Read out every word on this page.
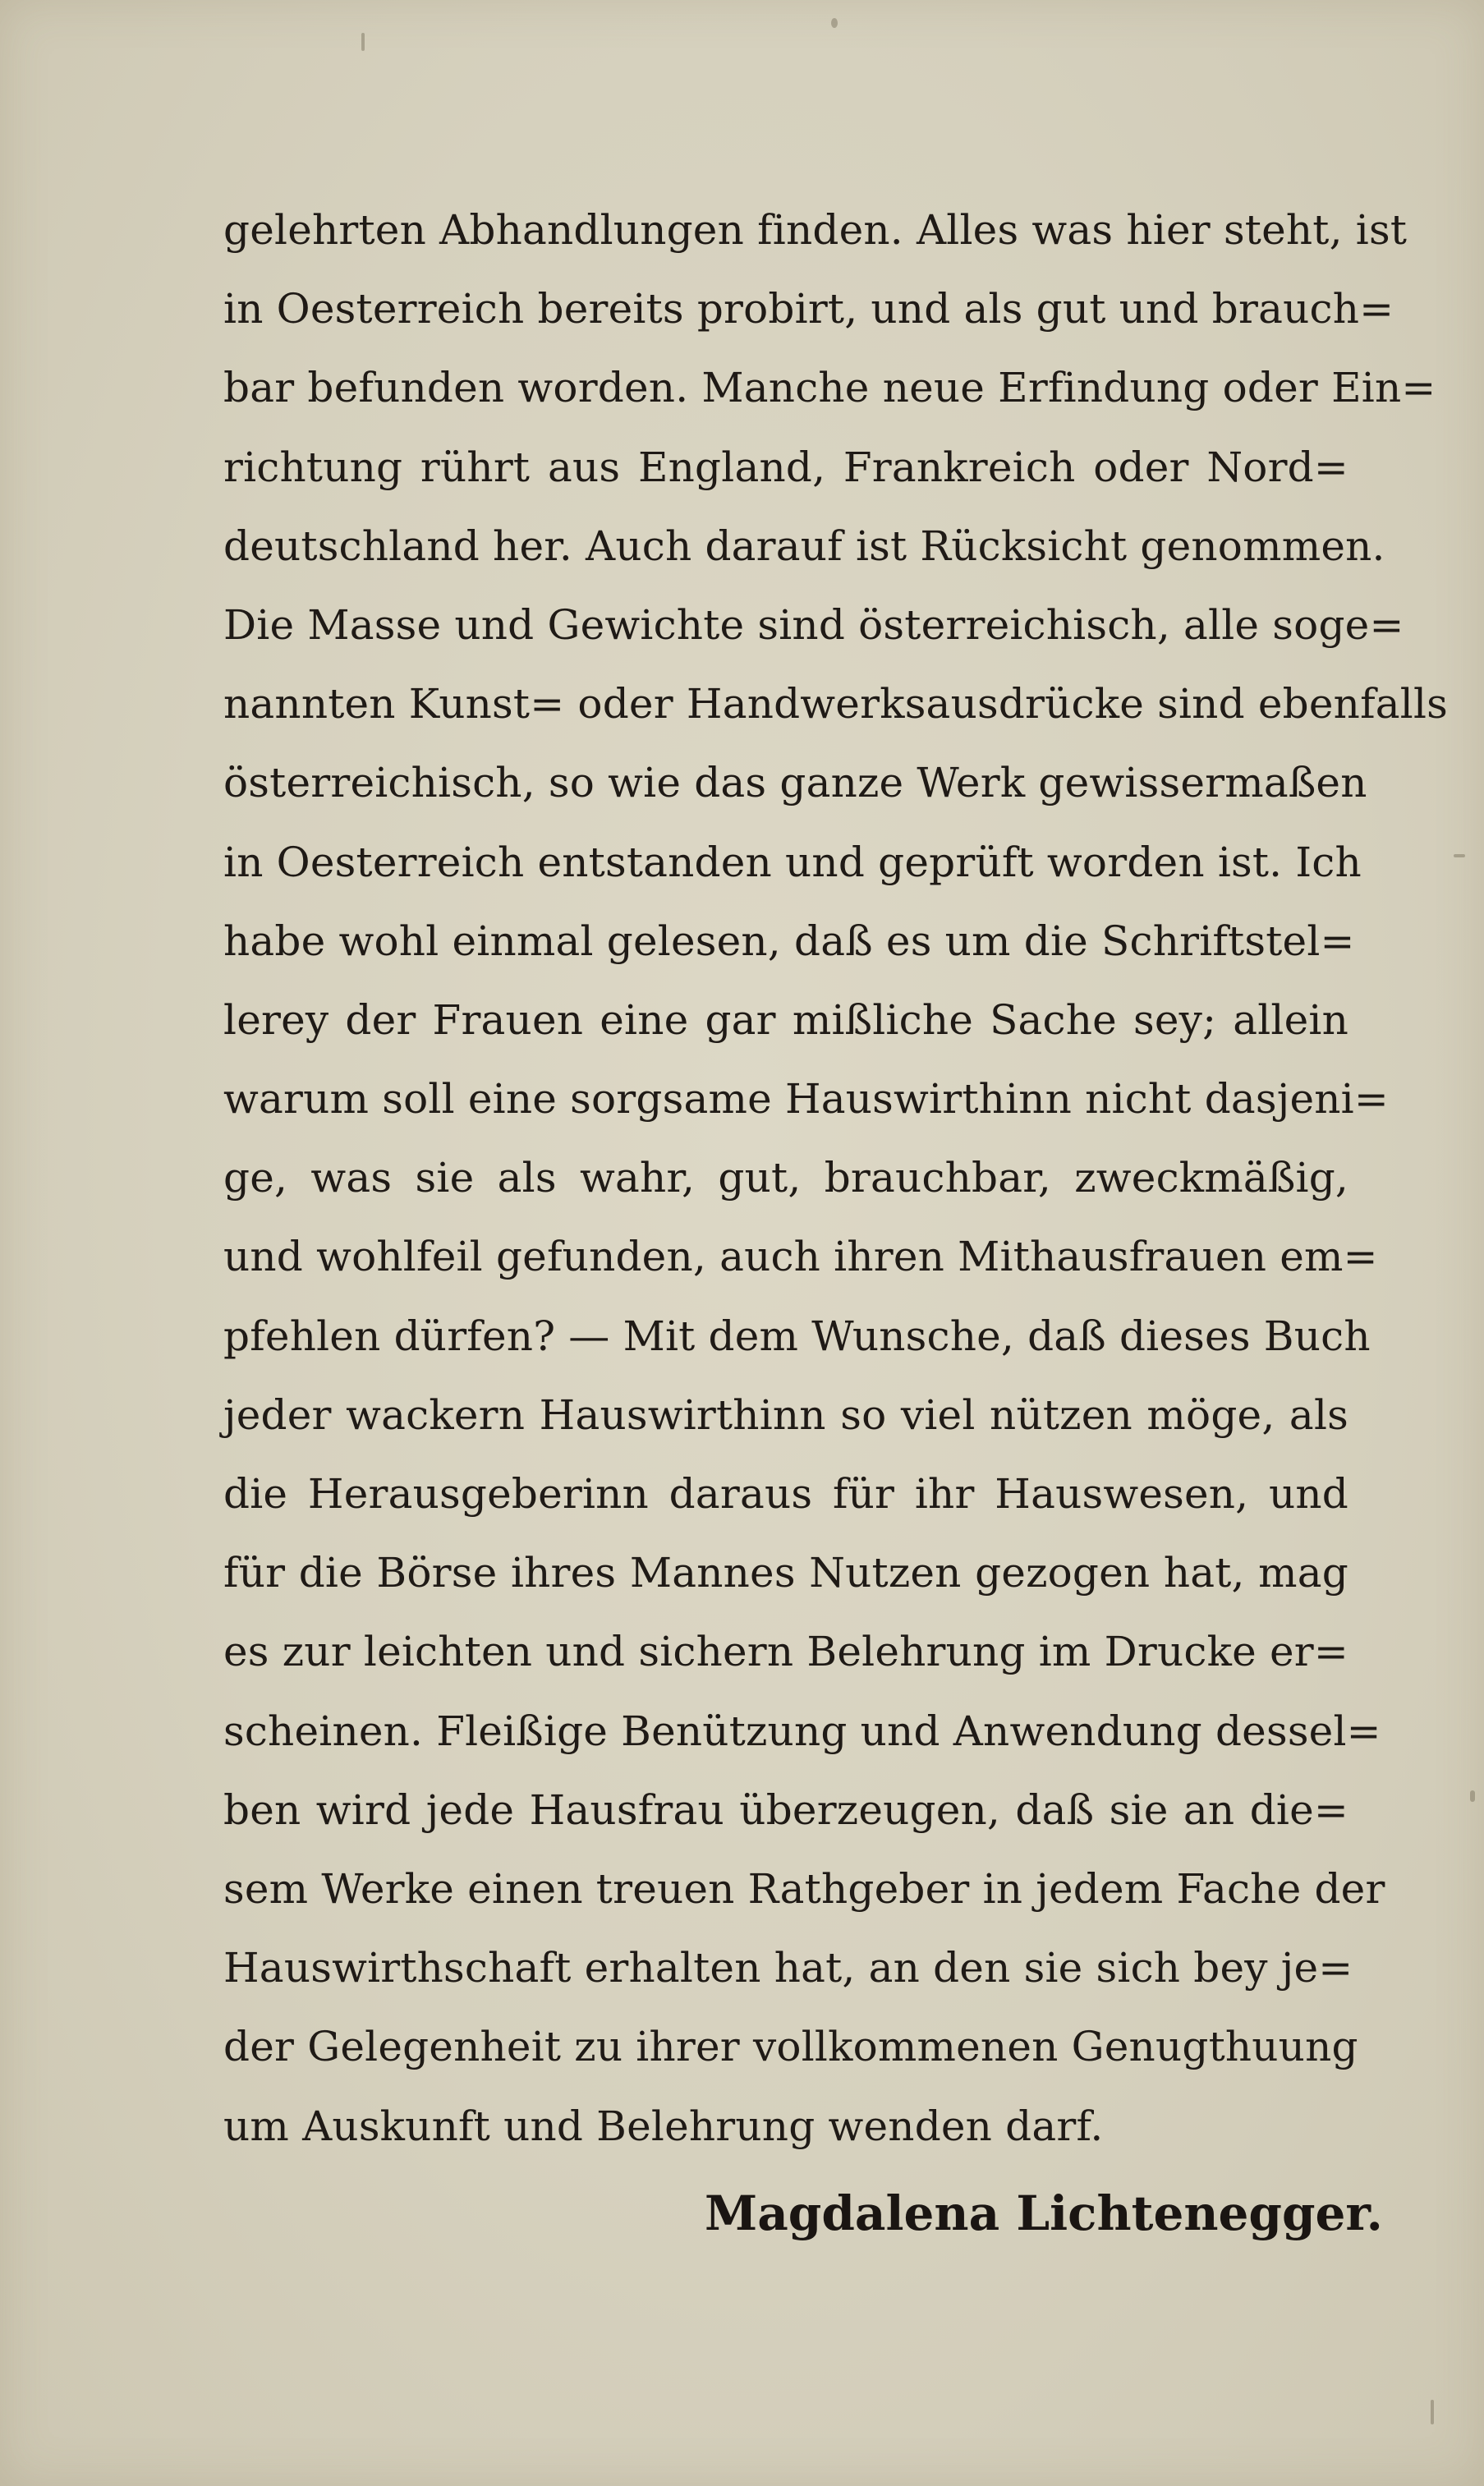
gelehrten Abhandlungen finden. Alles was hier steht, ist
in Oesterreich bereits probirt, und als gut und brauch=
bar befunden worden. Manche neue Erfindung oder Ein=
richtung rührt aus England, Frankreich oder Nord=
deutschland her. Auch darauf ist Rücksicht genommen.
Die Masse und Gewichte sind österreichisch, alle soge=
nannten Kunst= oder Handwerksausdrücke sind ebenfalls
österreichisch, so wie das ganze Werk gewissermaßen
in Oesterreich entstanden und geprüft worden ist. Ich
habe wohl einmal gelesen, daß es um die Schriftstel=
lerey der Frauen eine gar mißliche Sache sey; allein
warum soll eine sorgsame Hauswirthinn nicht dasjeni=
ge, was sie als wahr, gut, brauchbar, zweckmäßig,
und wohlfeil gefunden, auch ihren Mithausfrauen em=
pfehlen dürfen? — Mit dem Wunsche, daß dieses Buch
jeder wackern Hauswirthinn so viel nützen möge, als
die Herausgeberinn daraus für ihr Hauswesen, und
für die Börse ihres Mannes Nutzen gezogen hat, mag
es zur leichten und sichern Belehrung im Drucke er=
scheinen. Fleißige Benützung und Anwendung dessel=
ben wird jede Hausfrau überzeugen, daß sie an die=
sem Werke einen treuen Rathgeber in jedem Fache der
Hauswirthschaft erhalten hat, an den sie sich bey je=
der Gelegenheit zu ihrer vollkommenen Genugthuung
um Auskunft und Belehrung wenden darf.
Magdalena Lichtenegger.
